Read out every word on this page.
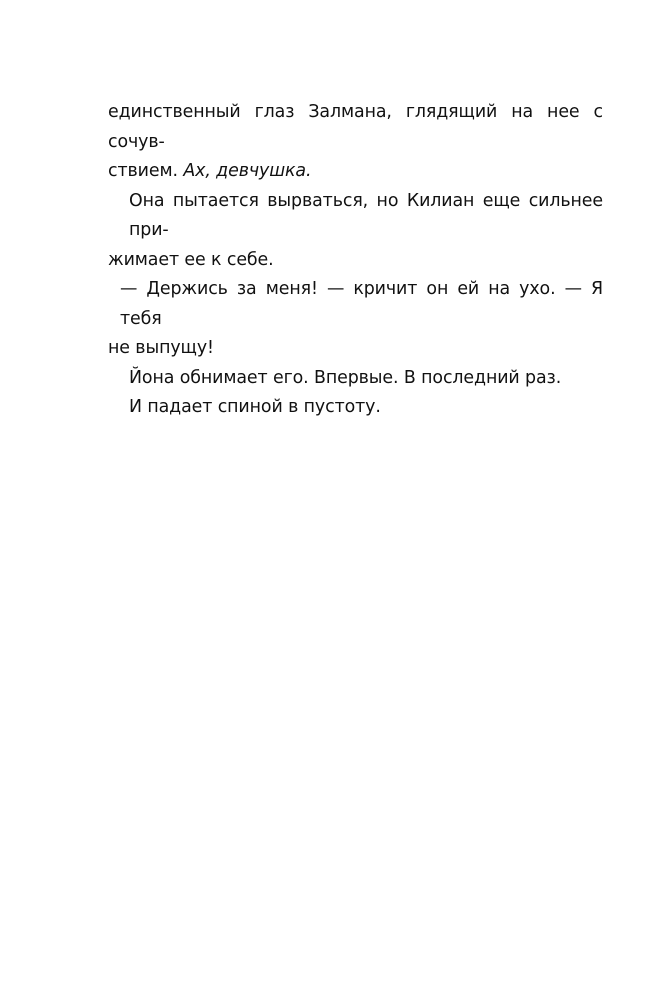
единственный глаз Залмана, глядящий на нее с сочув-
ствием. Ах, девчушка.
Она пытается вырваться, но Килиан еще сильнее при-
жимает ее к себе.
— Держись за меня! — кричит он ей на ухо. — Я тебя
не выпущу!
Йона обнимает его. Впервые. В последний раз.
И падает спиной в пустоту.
